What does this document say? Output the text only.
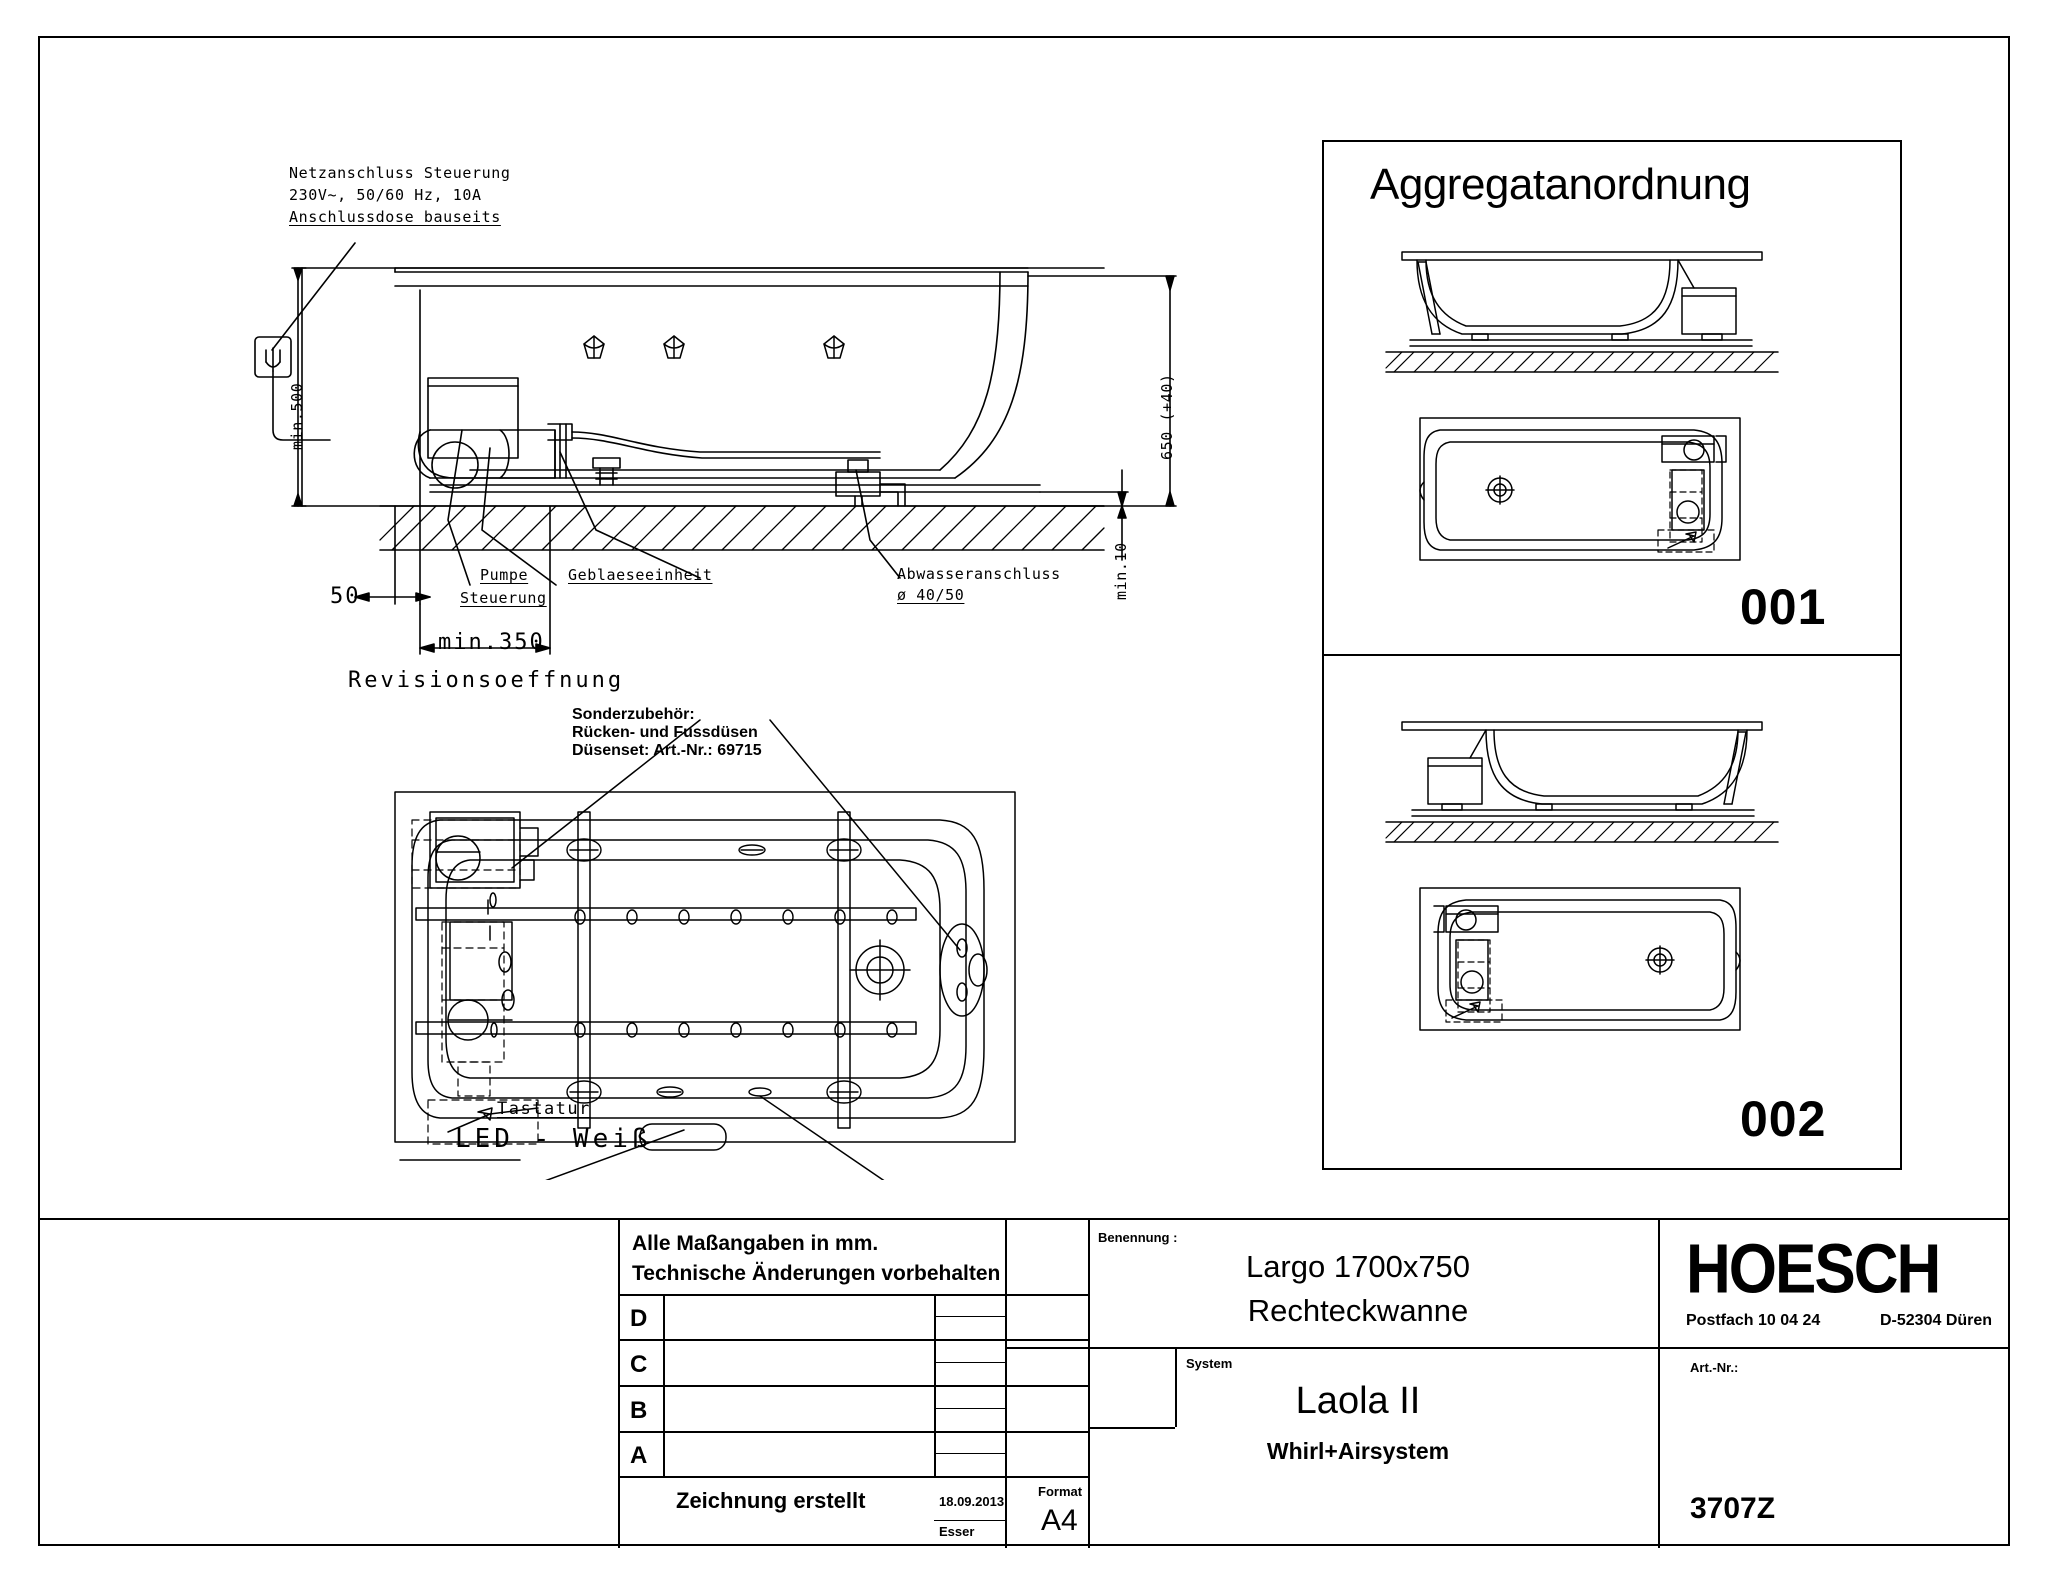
Netzanschluss Steuerung
230V~, 50/60 Hz, 10A
Anschlussdose bauseits
min.500	650 (+40)
min.10
Pumpe	Geblaeseeinheit
Steuerung
Abwasseranschluss
ø 40/50
50
min.350
Revisionsoeffnung
Sonderzubehör:
Rücken- und Fussdüsen
Düsenset: Art.-Nr.: 69715
Tastatur
LED - Weiß
Aggregatanordnung
001
002
Alle Maßangaben in mm.
Technische Änderungen vorbehalten
D
C
B
A
Zeichnung erstellt	18.09.2013
Esser
Format
A4
Benennung :
Largo 1700x750
Rechteckwanne
System
Laola II
Whirl+Airsystem
HOESCH
Postfach 10 04 24	D-52304 Düren
Art.-Nr.:
3707Z
